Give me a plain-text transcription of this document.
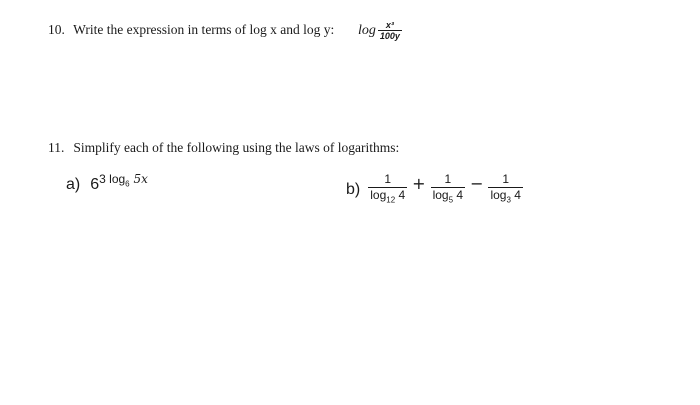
10. Write the expression in terms of log x and log y: $\log \frac{\text{x³}}{100y}$
11. Simplify each of the following using the laws of logarithms:
a) 6 3 $\log_6 5x$
$b) \frac{1}{\log_{12} 4} + \frac{1}{\log_5 4} - \frac{1}{\log_3 4}$
